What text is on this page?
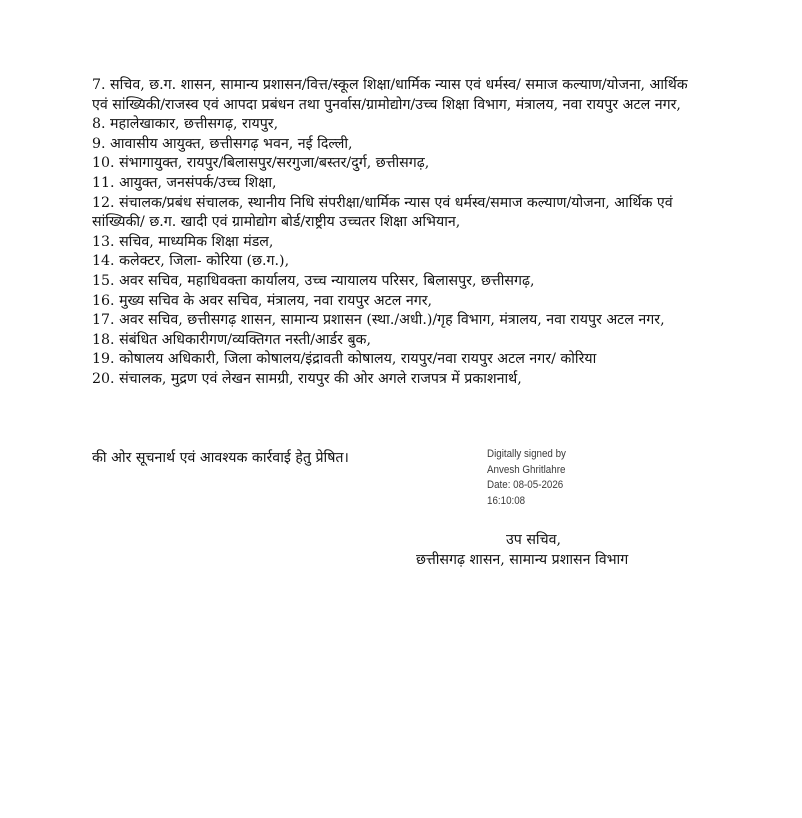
7. सचिव, छ.ग. शासन, सामान्य प्रशासन/वित्त/स्कूल शिक्षा/धार्मिक न्यास एवं धर्मस्व/ समाज कल्याण/योजना, आर्थिक एवं सांख्यिकी/राजस्व एवं आपदा प्रबंधन तथा पुनर्वास/ग्रामोद्योग/उच्च शिक्षा विभाग, मंत्रालय, नवा रायपुर अटल नगर,
8. महालेखाकार, छत्तीसगढ़, रायपुर,
9. आवासीय आयुक्त, छत्तीसगढ़ भवन, नई दिल्ली,
10. संभागायुक्त, रायपुर/बिलासपुर/सरगुजा/बस्तर/दुर्ग, छत्तीसगढ़,
11. आयुक्त, जनसंपर्क/उच्च शिक्षा,
12. संचालक/प्रबंध संचालक, स्थानीय निधि संपरीक्षा/धार्मिक न्यास एवं धर्मस्व/समाज कल्याण/योजना, आर्थिक एवं सांख्यिकी/ छ.ग. खादी एवं ग्रामोद्योग बोर्ड/राष्ट्रीय उच्चतर शिक्षा अभियान,
13. सचिव, माध्यमिक शिक्षा मंडल,
14. कलेक्टर, जिला- कोरिया (छ.ग.),
15. अवर सचिव, महाधिवक्ता कार्यालय, उच्च न्यायालय परिसर, बिलासपुर, छत्तीसगढ़,
16. मुख्य सचिव के अवर सचिव, मंत्रालय, नवा रायपुर अटल नगर,
17. अवर सचिव, छत्तीसगढ़ शासन, सामान्य प्रशासन (स्था./अधी.)/गृह विभाग, मंत्रालय, नवा रायपुर अटल नगर,
18. संबंधित अधिकारीगण/व्यक्तिगत नस्ती/आर्डर बुक,
19. कोषालय अधिकारी, जिला कोषालय/इंद्रावती कोषालय, रायपुर/नवा रायपुर अटल नगर/ कोरिया
20. संचालक, मुद्रण एवं लेखन सामग्री, रायपुर की ओर अगले राजपत्र में प्रकाशनार्थ,
की ओर सूचनार्थ एवं आवश्यक कार्रवाई हेतु प्रेषित।	Digitally signed by
Anvesh Ghritlahre
Date: 08-05-2026
16:10:08
उप सचिव,
छत्तीसगढ़ शासन, सामान्य प्रशासन विभाग
